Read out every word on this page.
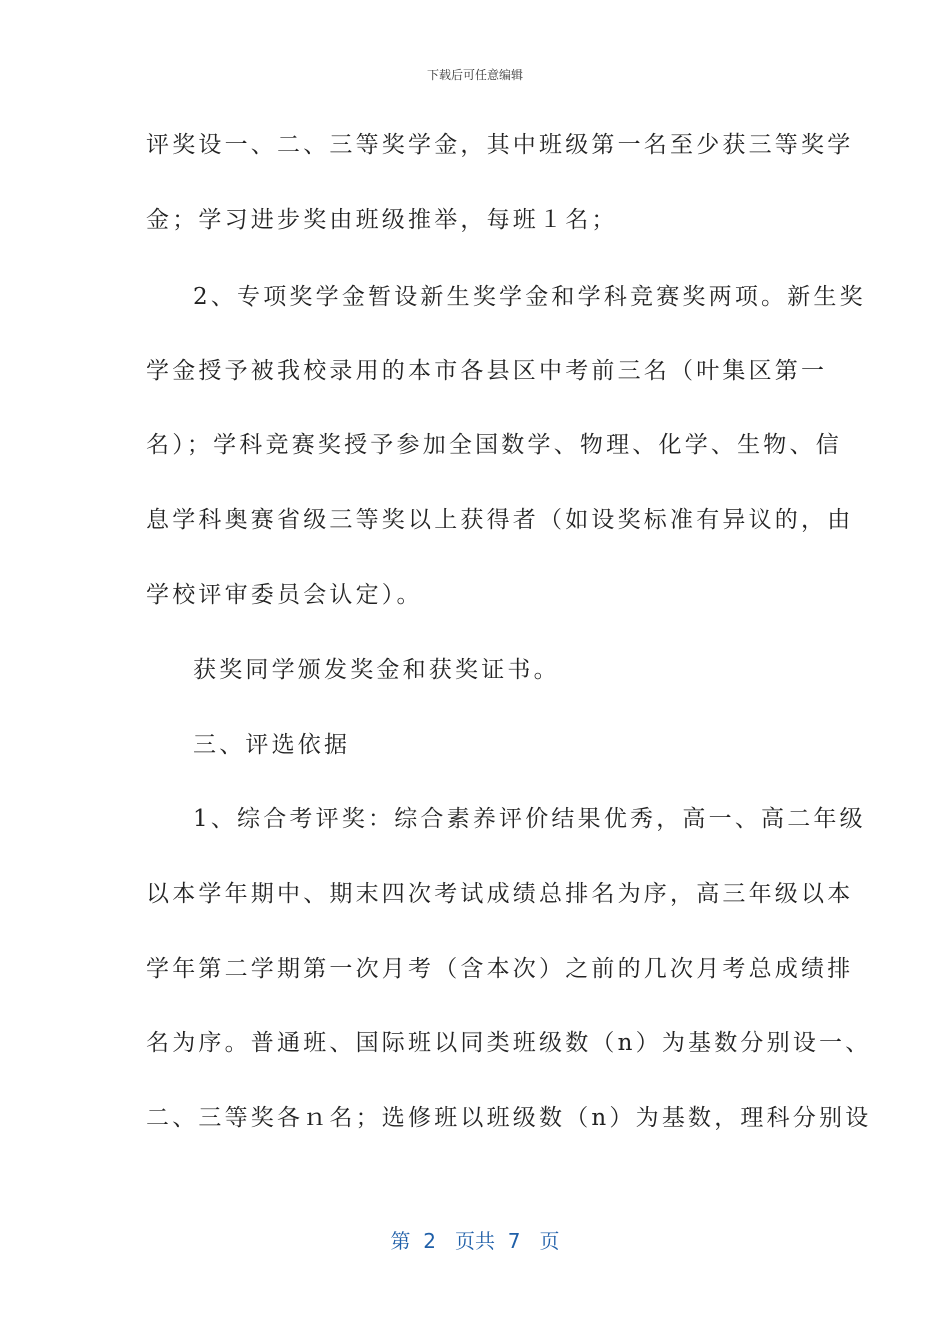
下载后可任意编辑
评奖设一、二、三等奖学金，其中班级第一名至少获三等奖学
金；学习进步奖由班级推举，每班１名；
2、专项奖学金暂设新生奖学金和学科竞赛奖两项。新生奖
学金授予被我校录用的本市各县区中考前三名（叶集区第一
名）；学科竞赛奖授予参加全国数学、物理、化学、生物、信
息学科奥赛省级三等奖以上获得者（如设奖标准有异议的，由
学校评审委员会认定）。
获奖同学颁发奖金和获奖证书。
三、评选依据
1、综合考评奖：综合素养评价结果优秀，高一、高二年级
以本学年期中、期末四次考试成绩总排名为序，高三年级以本
学年第二学期第一次月考（含本次）之前的几次月考总成绩排
名为序。普通班、国际班以同类班级数（n）为基数分别设一、
二、三等奖各ｎ名；选修班以班级数（n）为基数，理科分别设
第  2   页共  7   页
